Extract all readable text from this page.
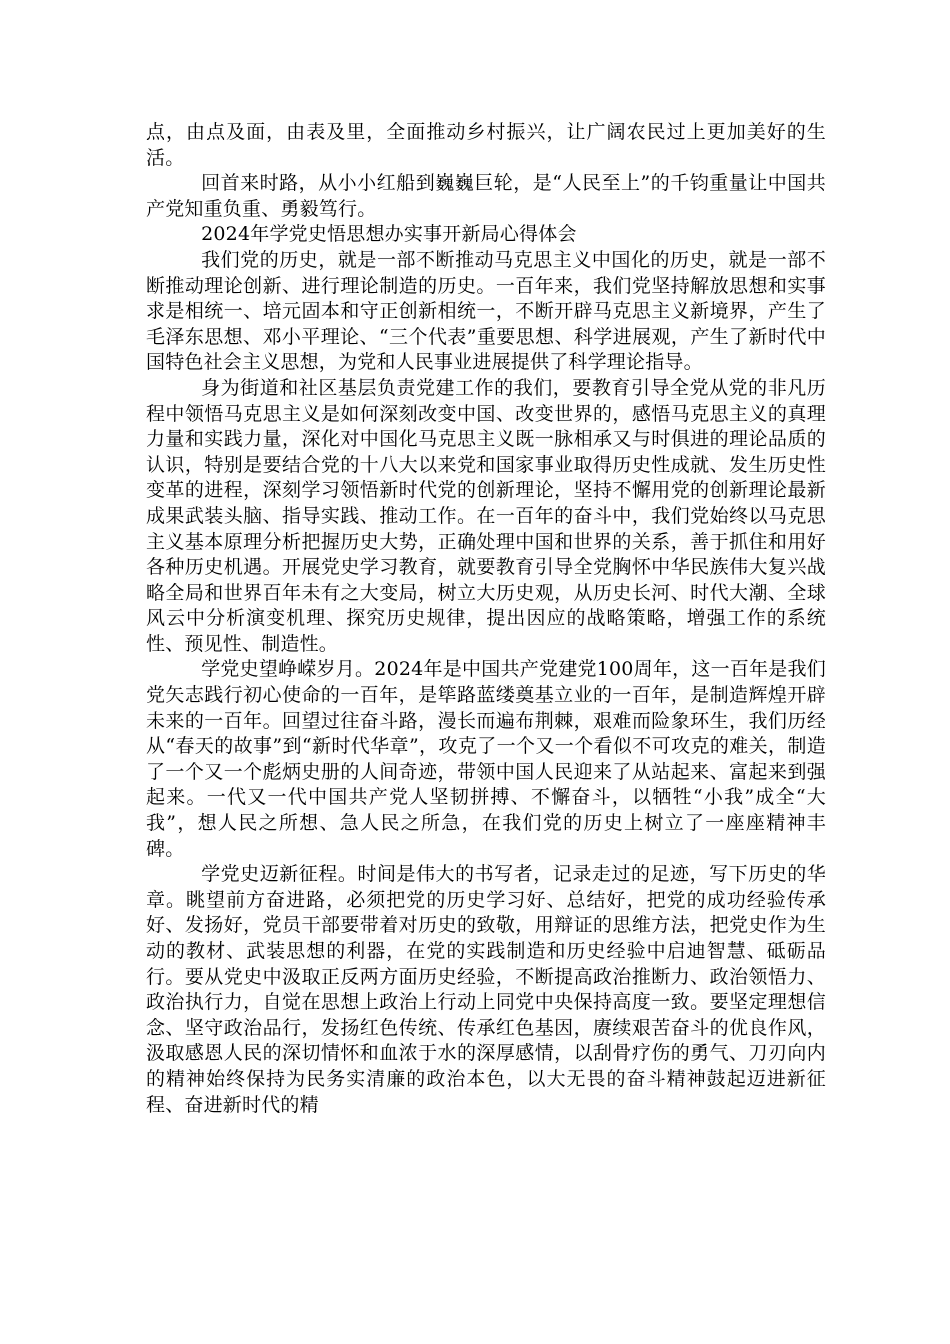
点，由点及面，由表及里，全面推动乡村振兴，让广阔农民过上更加美好的生活。

回首来时路，从小小红船到巍巍巨轮，是“人民至上”的千钧重量让中国共产党知重负重、勇毅笃行。

2024年学党史悟思想办实事开新局心得体会

我们党的历史，就是一部不断推动马克思主义中国化的历史，就是一部不断推动理论创新、进行理论制造的历史。一百年来，我们党坚持解放思想和实事求是相统一、培元固本和守正创新相统一，不断开辟马克思主义新境界，产生了毛泽东思想、邓小平理论、“三个代表”重要思想、科学进展观，产生了新时代中国特色社会主义思想，为党和人民事业进展提供了科学理论指导。

身为街道和社区基层负责党建工作的我们，要教育引导全党从党的非凡历程中领悟马克思主义是如何深刻改变中国、改变世界的，感悟马克思主义的真理力量和实践力量，深化对中国化马克思主义既一脉相承又与时俱进的理论品质的认识，特别是要结合党的十八大以来党和国家事业取得历史性成就、发生历史性变革的进程，深刻学习领悟新时代党的创新理论，坚持不懈用党的创新理论最新成果武装头脑、指导实践、推动工作。在一百年的奋斗中，我们党始终以马克思主义基本原理分析把握历史大势，正确处理中国和世界的关系，善于抓住和用好各种历史机遇。开展党史学习教育，就要教育引导全党胸怀中华民族伟大复兴战略全局和世界百年未有之大变局，树立大历史观，从历史长河、时代大潮、全球风云中分析演变机理、探究历史规律，提出因应的战略策略，增强工作的系统性、预见性、制造性。

学党史望峥嵘岁月。2024年是中国共产党建党100周年，这一百年是我们党矢志践行初心使命的一百年，是筚路蓝缕奠基立业的一百年，是制造辉煌开辟未来的一百年。回望过往奋斗路，漫长而遍布荆棘，艰难而险象环生，我们历经从“春天的故事”到“新时代华章”，攻克了一个又一个看似不可攻克的难关，制造了一个又一个彪炳史册的人间奇迹，带领中国人民迎来了从站起来、富起来到强起来。一代又一代中国共产党人坚韧拼搏、不懈奋斗，以牺牲“小我”成全“大我”，想人民之所想、急人民之所急，在我们党的历史上树立了一座座精神丰碑。

学党史迈新征程。时间是伟大的书写者，记录走过的足迹，写下历史的华章。眺望前方奋进路，必须把党的历史学习好、总结好，把党的成功经验传承好、发扬好，党员干部要带着对历史的致敬，用辩证的思维方法，把党史作为生动的教材、武装思想的利器，在党的实践制造和历史经验中启迪智慧、砥砺品行。要从党史中汲取正反两方面历史经验，不断提高政治推断力、政治领悟力、政治执行力，自觉在思想上政治上行动上同党中央保持高度一致。要坚定理想信念、坚守政治品行，发扬红色传统、传承红色基因，赓续艰苦奋斗的优良作风，汲取感恩人民的深切情怀和血浓于水的深厚感情，以刮骨疗伤的勇气、刀刃向内的精神始终保持为民务实清廉的政治本色，以大无畏的奋斗精神鼓起迈进新征程、奋进新时代的精
